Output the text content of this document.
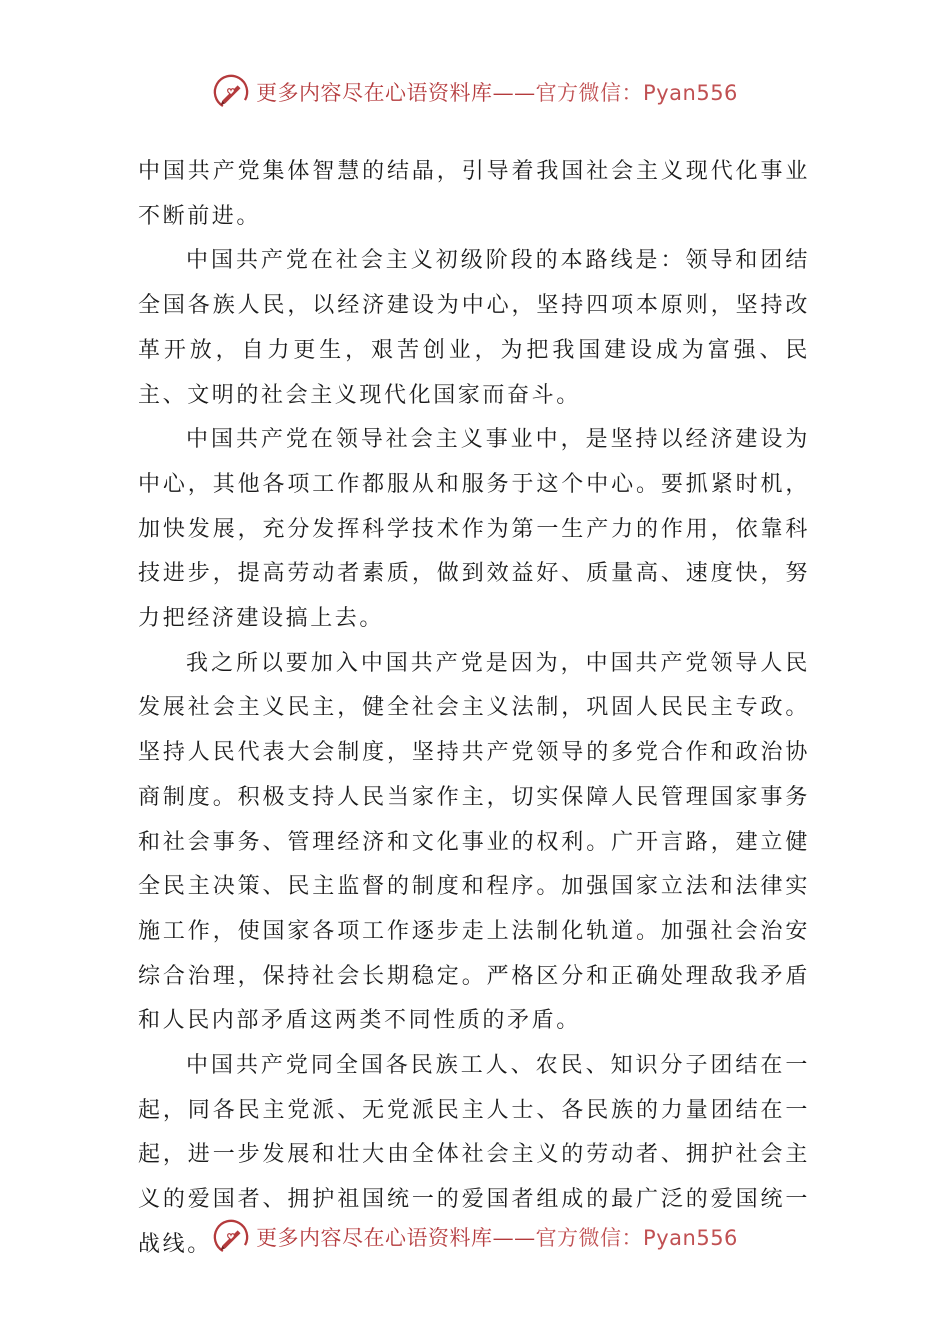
更多内容尽在心语资料库——官方微信：Pyan556

中国共产党集体智慧的结晶，引导着我国社会主义现代化事业不断前进。

中国共产党在社会主义初级阶段的本路线是：领导和团结全国各族人民，以经济建设为中心，坚持四项本原则，坚持改革开放，自力更生，艰苦创业，为把我国建设成为富强、民主、文明的社会主义现代化国家而奋斗。

中国共产党在领导社会主义事业中，是坚持以经济建设为中心，其他各项工作都服从和服务于这个中心。要抓紧时机，加快发展，充分发挥科学技术作为第一生产力的作用，依靠科技进步，提高劳动者素质，做到效益好、质量高、速度快，努力把经济建设搞上去。

我之所以要加入中国共产党是因为，中国共产党领导人民发展社会主义民主，健全社会主义法制，巩固人民民主专政。坚持人民代表大会制度，坚持共产党领导的多党合作和政治协商制度。积极支持人民当家作主，切实保障人民管理国家事务和社会事务、管理经济和文化事业的权利。广开言路，建立健全民主决策、民主监督的制度和程序。加强国家立法和法律实施工作，使国家各项工作逐步走上法制化轨道。加强社会治安综合治理，保持社会长期稳定。严格区分和正确处理敌我矛盾和人民内部矛盾这两类不同性质的矛盾。

中国共产党同全国各民族工人、农民、知识分子团结在一起，同各民主党派、无党派民主人士、各民族的力量团结在一起，进一步发展和壮大由全体社会主义的劳动者、拥护社会主义的爱国者、拥护祖国统一的爱国者组成的最广泛的爱国统一战线。	更多内容尽在心语资料库——官方微信：Pyan556
